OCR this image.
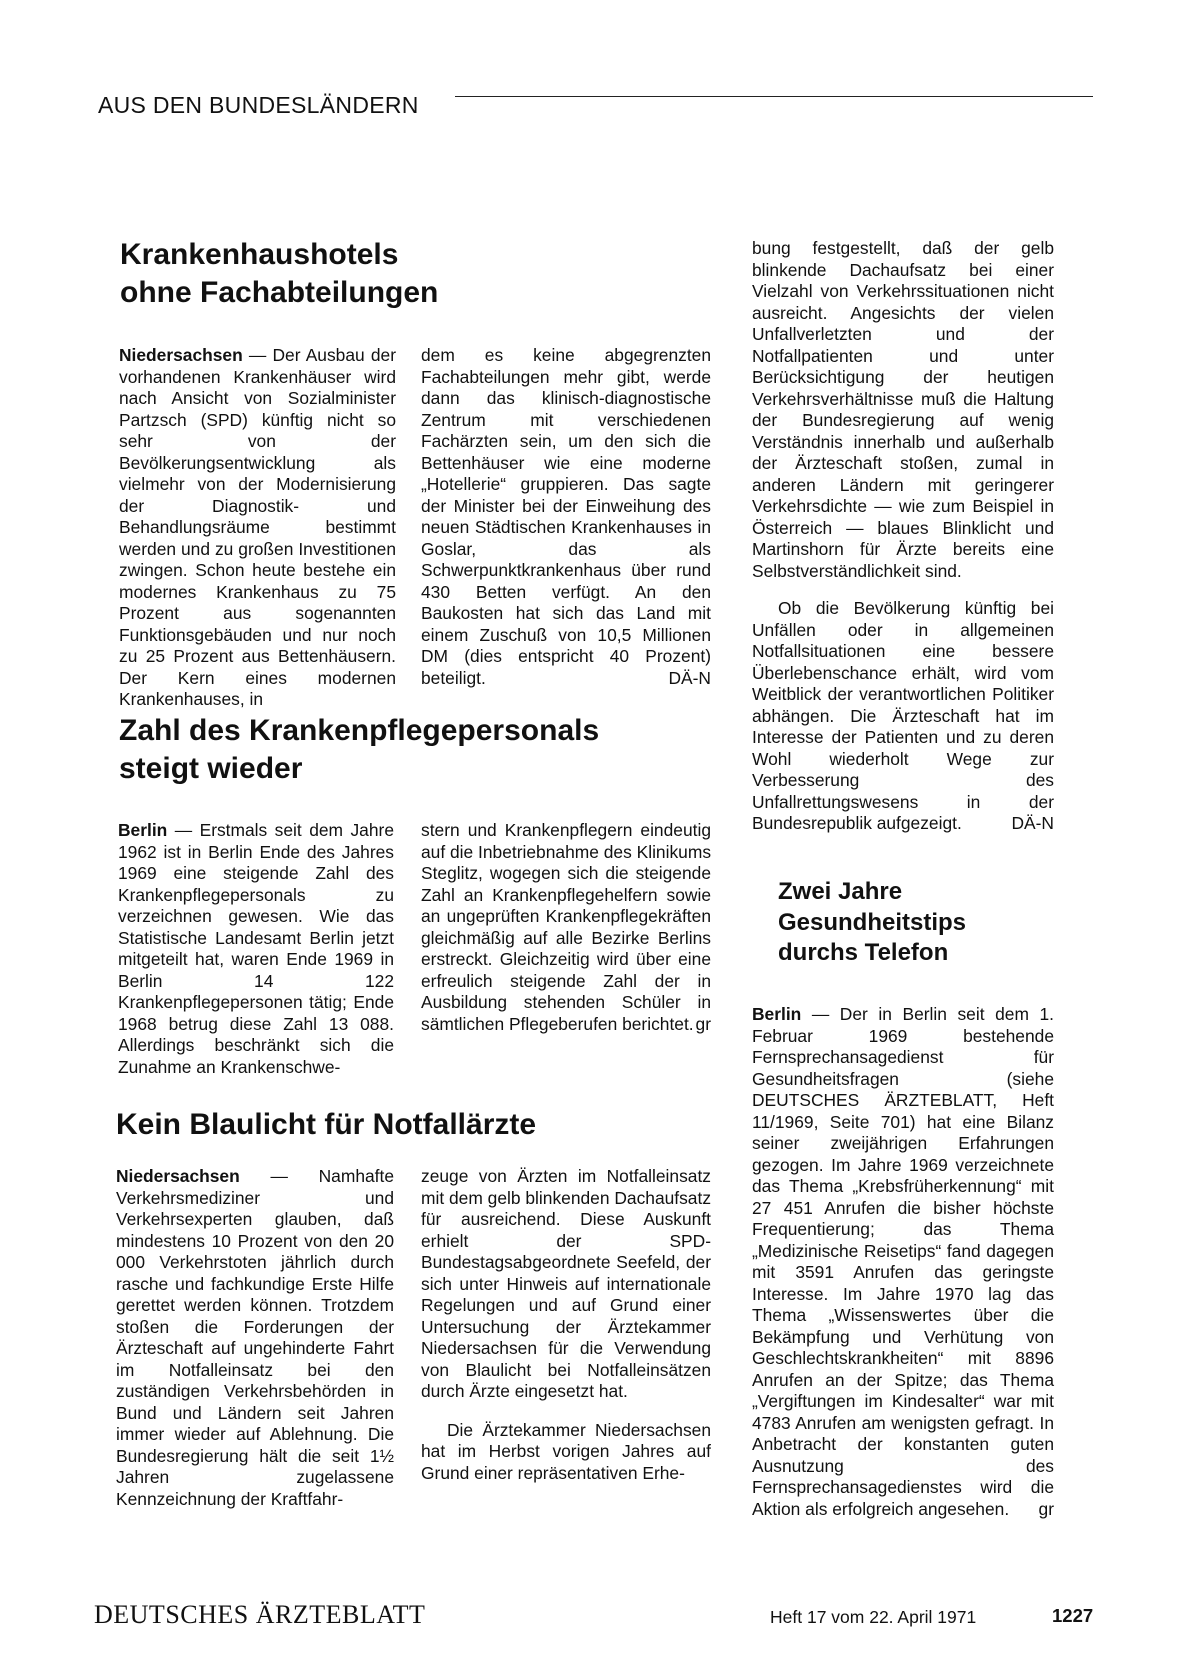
AUS DEN BUNDESLÄNDERN
Krankenhaushotels
ohne Fachabteilungen

Niedersachsen — Der Ausbau der vorhandenen Krankenhäuser wird nach Ansicht von Sozialminister Partzsch (SPD) künftig nicht so sehr von der Bevölkerungsentwicklung als vielmehr von der Modernisierung der Diagnostik- und Behandlungsräume bestimmt werden und zu großen Investitionen zwingen. Schon heute bestehe ein modernes Krankenhaus zu 75 Prozent aus sogenannten Funktionsgebäuden und nur noch zu 25 Prozent aus Bettenhäusern. Der Kern eines modernen Krankenhauses, in

dem es keine abgegrenzten Fachabteilungen mehr gibt, werde dann das klinisch-diagnostische Zentrum mit verschiedenen Fachärzten sein, um den sich die Bettenhäuser wie eine moderne „Hotellerie“ gruppieren. Das sagte der Minister bei der Einweihung des neuen Städtischen Krankenhauses in Goslar, das als Schwerpunktkrankenhaus über rund 430 Betten verfügt. An den Baukosten hat sich das Land mit einem Zuschuß von 10,5 Millionen DM (dies entspricht 40 Prozent) beteiligt.	DÄ-N

Zahl des Krankenpflegepersonals
steigt wieder

Berlin — Erstmals seit dem Jahre 1962 ist in Berlin Ende des Jahres 1969 eine steigende Zahl des Krankenpflegepersonals zu verzeichnen gewesen. Wie das Statistische Landesamt Berlin jetzt mitgeteilt hat, waren Ende 1969 in Berlin 14 122 Krankenpflegepersonen tätig; Ende 1968 betrug diese Zahl 13 088. Allerdings beschränkt sich die Zunahme an Krankenschwe-

stern und Krankenpflegern eindeutig auf die Inbetriebnahme des Klinikums Steglitz, wogegen sich die steigende Zahl an Krankenpflegehelfern sowie an ungeprüften Krankenpflegekräften gleichmäßig auf alle Bezirke Berlins erstreckt. Gleichzeitig wird über eine erfreulich steigende Zahl der in Ausbildung stehenden Schüler in sämtlichen Pflegeberufen berichtet. gr

Kein Blaulicht für Notfallärzte

Niedersachsen — Namhafte Verkehrsmediziner und Verkehrsexperten glauben, daß mindestens 10 Prozent von den 20 000 Verkehrstoten jährlich durch rasche und fachkundige Erste Hilfe gerettet werden können. Trotzdem stoßen die Forderungen der Ärzteschaft auf ungehinderte Fahrt im Notfalleinsatz bei den zuständigen Verkehrsbehörden in Bund und Ländern seit Jahren immer wieder auf Ablehnung. Die Bundesregierung hält die seit 1½ Jahren zugelassene Kennzeichnung der Kraftfahr-

zeuge von Ärzten im Notfalleinsatz mit dem gelb blinkenden Dachaufsatz für ausreichend. Diese Auskunft erhielt der SPD-Bundestagsabgeordnete Seefeld, der sich unter Hinweis auf internationale Regelungen und auf Grund einer Untersuchung der Ärztekammer Niedersachsen für die Verwendung von Blaulicht bei Notfalleinsätzen durch Ärzte eingesetzt hat.

Die Ärztekammer Niedersachsen hat im Herbst vorigen Jahres auf Grund einer repräsentativen Erhe-

bung festgestellt, daß der gelb blinkende Dachaufsatz bei einer Vielzahl von Verkehrssituationen nicht ausreicht. Angesichts der vielen Unfallverletzten und der Notfallpatienten und unter Berücksichtigung der heutigen Verkehrsverhältnisse muß die Haltung der Bundesregierung auf wenig Verständnis innerhalb und außerhalb der Ärzteschaft stoßen, zumal in anderen Ländern mit geringerer Verkehrsdichte — wie zum Beispiel in Österreich — blaues Blinklicht und Martinshorn für Ärzte bereits eine Selbstverständlichkeit sind.

Ob die Bevölkerung künftig bei Unfällen oder in allgemeinen Notfallsituationen eine bessere Überlebenschance erhält, wird vom Weitblick der verantwortlichen Politiker abhängen. Die Ärzteschaft hat im Interesse der Patienten und zu deren Wohl wiederholt Wege zur Verbesserung des Unfallrettungswesens in der Bundesrepublik aufgezeigt.	DÄ-N

Zwei Jahre
Gesundheitstips
durchs Telefon

Berlin — Der in Berlin seit dem 1. Februar 1969 bestehende Fernsprechansagedienst für Gesundheitsfragen (siehe DEUTSCHES ÄRZTEBLATT, Heft 11/1969, Seite 701) hat eine Bilanz seiner zweijährigen Erfahrungen gezogen. Im Jahre 1969 verzeichnete das Thema „Krebsfrüherkennung“ mit 27 451 Anrufen die bisher höchste Frequentierung; das Thema „Medizinische Reisetips“ fand dagegen mit 3591 Anrufen das geringste Interesse. Im Jahre 1970 lag das Thema „Wissenswertes über die Bekämpfung und Verhütung von Geschlechtskrankheiten“ mit 8896 Anrufen an der Spitze; das Thema „Vergiftungen im Kindesalter“ war mit 4783 Anrufen am wenigsten gefragt. In Anbetracht der konstanten guten Ausnutzung des Fernsprechansagedienstes wird die Aktion als erfolgreich angesehen. gr

DEUTSCHES ÄRZTEBLATT	Heft 17 vom 22. April 1971	1227
